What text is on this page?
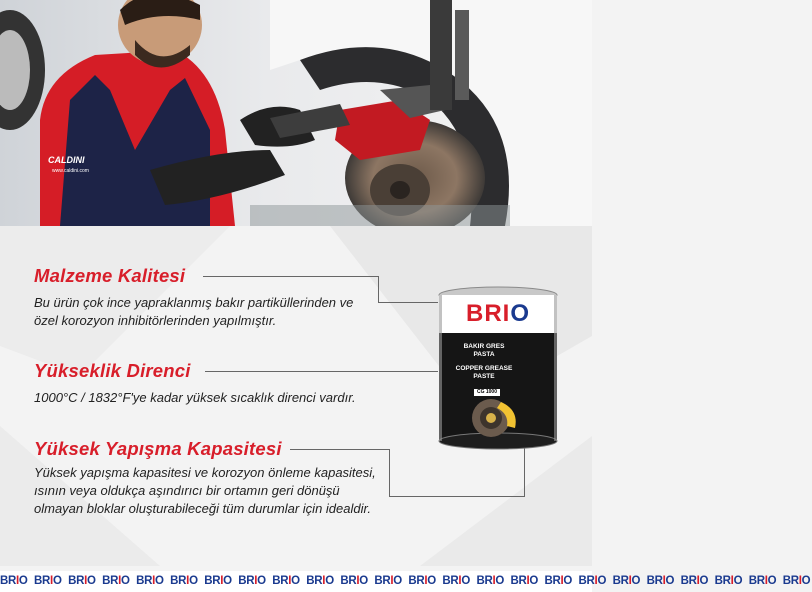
CALDINI
www.caldini.com
Malzeme Kalitesi
Bu ürün çok ince yapraklanmış bakır partiküllerinden ve özel korozyon inhibitörlerinden yapılmıştır.
Yükseklik Direnci
1000°C / 1832°F'ye kadar yüksek sıcaklık direnci vardır.
Yüksek Yapışma Kapasitesi
Yüksek yapışma kapasitesi ve korozyon önleme kapasitesi, ısının veya oldukça aşındırıcı bir ortamın geri dönüşü olmayan bloklar oluşturabileceği tüm durumlar için idealdir.
BRIO
BAKIR GRES PASTA
COPPER GREASE PASTE
CG 1000
BRIO BRIO BRIO BRIO BRIO BRIO BRIO BRIO BRIO BRIO BRIO BRIO BRIO BRIO BRIO BRIO BRIO BRIO BRIO BRIO BRIO BRIO BRIO BRIO
